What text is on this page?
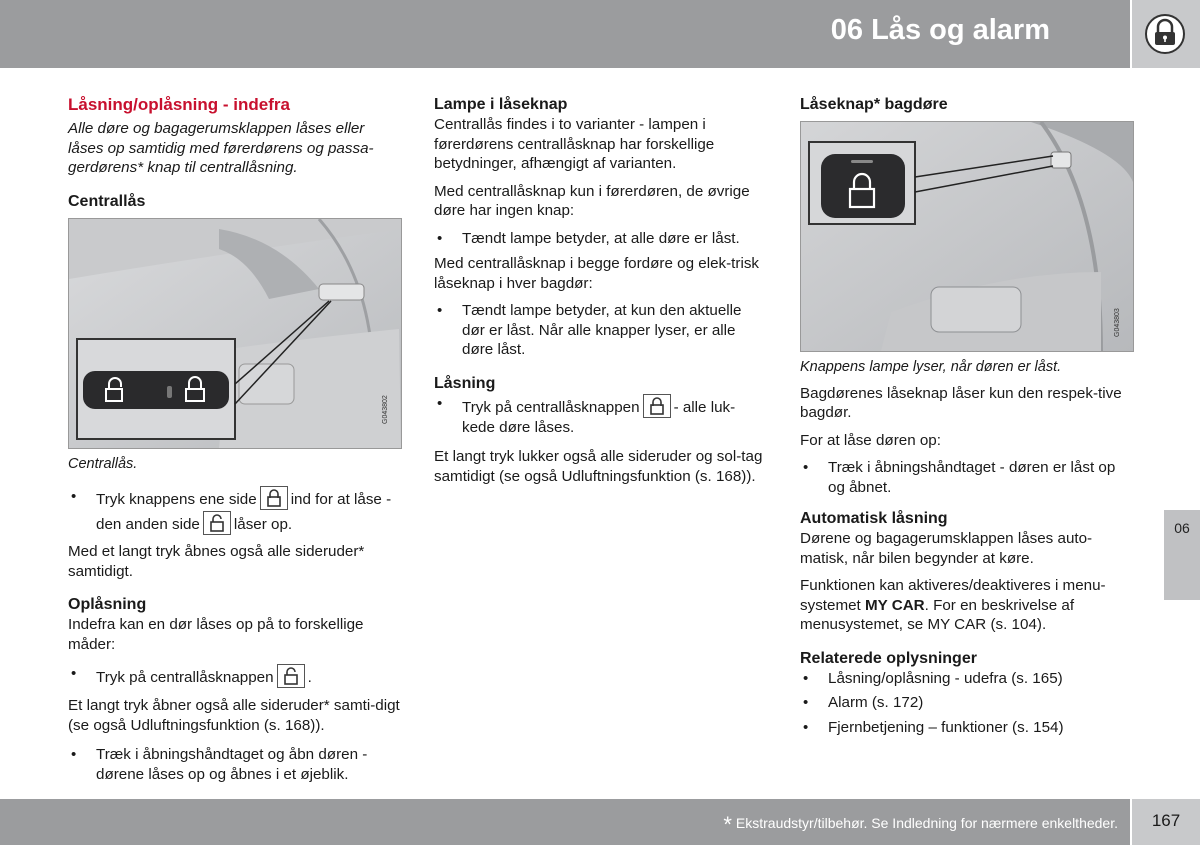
06 Lås og alarm
06
Låsning/oplåsning - indefra

Alle døre og bagagerumsklappen låses eller låses op samtidig med førerdørens og passa-gerdørens* knap til centrallåsning.

Centrallås
G043802

Centrallås.

• Tryk knappens ene side ind for at låse - den anden side låser op.

Med et langt tryk åbnes også alle sideruder* samtidigt.

Oplåsning

Indefra kan en dør låses op på to forskellige måder:

• Tryk på centrallåsknappen .

Et langt tryk åbner også alle sideruder* samti-digt (se også Udluftningsfunktion (s. 168)).

• Træk i åbningshåndtaget og åbn døren - dørene låses op og åbnes i et øjeblik.
Lampe i låseknap

Centrallås findes i to varianter - lampen i førerdørens centrallåsknap har forskellige betydninger, afhængigt af varianten.

Med centrallåsknap kun i førerdøren, de øvrige døre har ingen knap:

• Tændt lampe betyder, at alle døre er låst.

Med centrallåsknap i begge fordøre og elek-trisk låseknap i hver bagdør:

• Tændt lampe betyder, at kun den aktuelle dør er låst. Når alle knapper lyser, er alle døre låst.
Låsning
• Tryk på centrallåsknappen - alle luk-kede døre låses.

Et langt tryk lukker også alle sideruder og sol-tag samtidigt (se også Udluftningsfunktion (s. 168)).

Låseknap* bagdøre
G043803

Knappens lampe lyser, når døren er låst.

Bagdørenes låseknap låser kun den respek-tive bagdør.

For at låse døren op:

• Træk i åbningshåndtaget - døren er låst op og åbnet.
Automatisk låsning

Dørene og bagagerumsklappen låses auto-matisk, når bilen begynder at køre.

Funktionen kan aktiveres/deaktiveres i menu-systemet MY CAR. For en beskrivelse af menusystemet, se MY CAR (s. 104).

Relaterede oplysninger
• Låsning/oplåsning - udefra (s. 165)
• Alarm (s. 172)
• Fjernbetjening – funktioner (s. 154)
* Ekstraudstyr/tilbehør. Se Indledning for nærmere enkeltheder.	167
